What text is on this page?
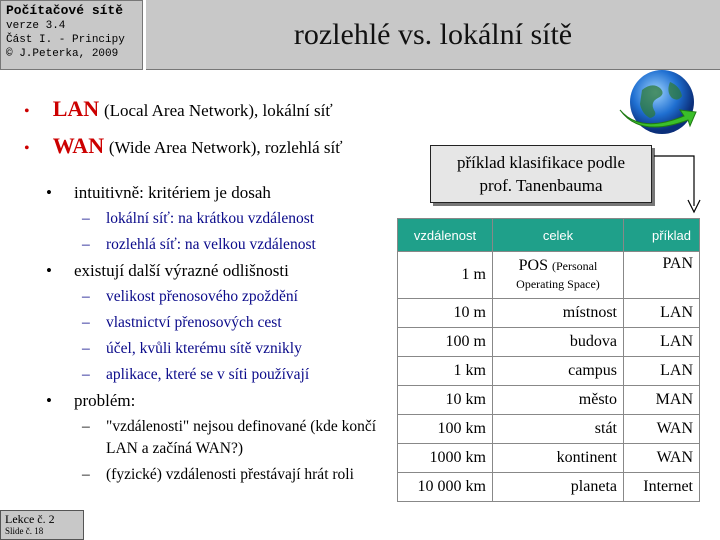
Počítačové sítě
verze 3.4
Část I. - Principy
© J.Peterka, 2009
rozlehlé vs. lokální sítě
• LAN (Local Area Network), lokální síť
• WAN (Wide Area Network), rozlehlá síť
• intuitivně: kritériem je dosah
– lokální síť: na krátkou vzdálenost
– rozlehlá síť: na velkou vzdálenost
• existují další výrazné odlišnosti
– velikost přenosového zpoždění
– vlastnictví přenosových cest
– účel, kvůli kterému sítě vznikly
– aplikace, které se v síti používají
• problém:
– "vzdálenosti" nejsou definované (kde končí LAN a začíná WAN?)
– (fyzické) vzdálenosti přestávají hrát roli
příklad klasifikace podle
prof. Tanenbauma
vzdálenost	celek	příklad
1 m	POS (Personal Operating Space)	PAN
10 m	místnost	LAN
100 m	budova	LAN
1 km	campus	LAN
10 km	město	MAN
100 km	stát	WAN
1000 km	kontinent	WAN
10 000 km	planeta	Internet
Lekce č. 2
Slide č. 18
